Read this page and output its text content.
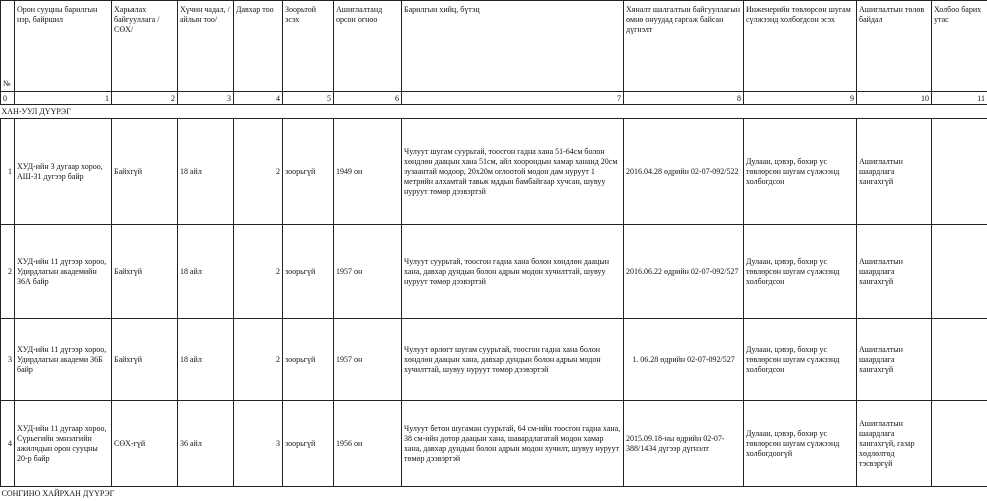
№	Орон сууцны барилгын нэр, байршил	Харьялах байгууллага /СӨХ/	Хүчин чадал, /айлын тоо/	Давхар тоо	Зоорьтой эсэх	Ашиглалтанд орсон огноо	Барилгын хийц, бүтэц	Хяналт шалгалтын байгууллагын өмнө онуудад гаргаж байсан дүгнэлт	Инженерийн төвлөрсөн шугам сүлжээнд холбогдсон эсэх	Ашиглалтын төлөв байдал	Холбоо барих утас
0	1	2	3	4	5	6	7	8	9	10	11
ХАН-УУЛ ДҮҮРЭГ											
1	ХУД-ийн 3 дугаар хороо, АШ-31 дугээр байр	Байхгүй	18 айл	2	зоорьгүй	1949 он	Чулуут шугам суурьтай, тоосгон гадна хана 51-64см болон хөндлөн даацын хана 51см, айл хоорондын хамар хананд 20см зузаантай модоор, 20х20м оглоотой модон дам нуруут 1 метрийн алхамтай тавьж мддын бамбайгаар хучсан, шувуу нуруут төмөр дээвэртэй	2016.04.28 өдрийн 02-07-092/522	Дулаан, цэвэр, бохир ус төвлөрсөн шугам сүлжээнд холбогдсон	Ашиглалтын шаардлага хангахгүй	
2	ХУД-ийн 11 дүгээр хороо, Удирдлагын академийн 36А байр	Байхгүй	18 айл	2	зоорьгүй	1957 он	Чулуут суурьтай, тоосгон гадна хана болон хөндлөн даацын хана, давхар дундын болон адрын модон хучилттай, шувуу нуруут төмөр дээвэртэй	2016.06.22 өдрийн 02-07-092/527	Дулаан, цэвэр, бохир ус төвлөрсөн шугам сүлжээнд холбогдсон	Ашиглалтын шаардлага хангахгүй	
3	ХУД-ийн 11 дүгээр хороо, Удирдлагын академи 36Б байр	Байхгүй	18 айл	2	зоорьгүй	1957 он	Чулуут өрлөгт шугам суурьтай, тоосгон гадна хана болон хөндлөн даацын хана, давхар дундын болон адрын модон хучилттай, шувуу нуруут төмөр дээвэртэй	1. 06.28 өдрийн 02-07-092/527	Дулаан, цэвэр, бохир ус төвлөрсөн шугам сүлжээнд холбогдсон	Ашиглалтын шаардлага хангахгүй	
4	ХУД-ийн 11 дугаар хороо, Сүрьегийн эмнэлгийн ажилчдын орон сууцны 20-р байр	СӨХ-гүй	36 айл	3	зоорьгүй	1956 он	Чулуут бетон шугаман суурьтай, 64 см-ийн тоосгон гадна хана, 38 см-ийн дотор даацын хана, шавардлагатай модон хамар хана, давхар дундын болон адрын модон хучилт, шувуу нуруут төмөр дээвэртэй	2015.09.18-ны өдрийн 02-07-388/1434 дүгээр дүгнэлт	Дулаан, цэвэр, бохир ус төвлөрсөн шугам сүлжээнд холбогдоогүй	Ашиглалтын шаардлага хангахгүй, газар хөдлөлтөд тэсвэргүй	
СОНГИНО ХАЙРХАН ДҮҮРЭГ											
